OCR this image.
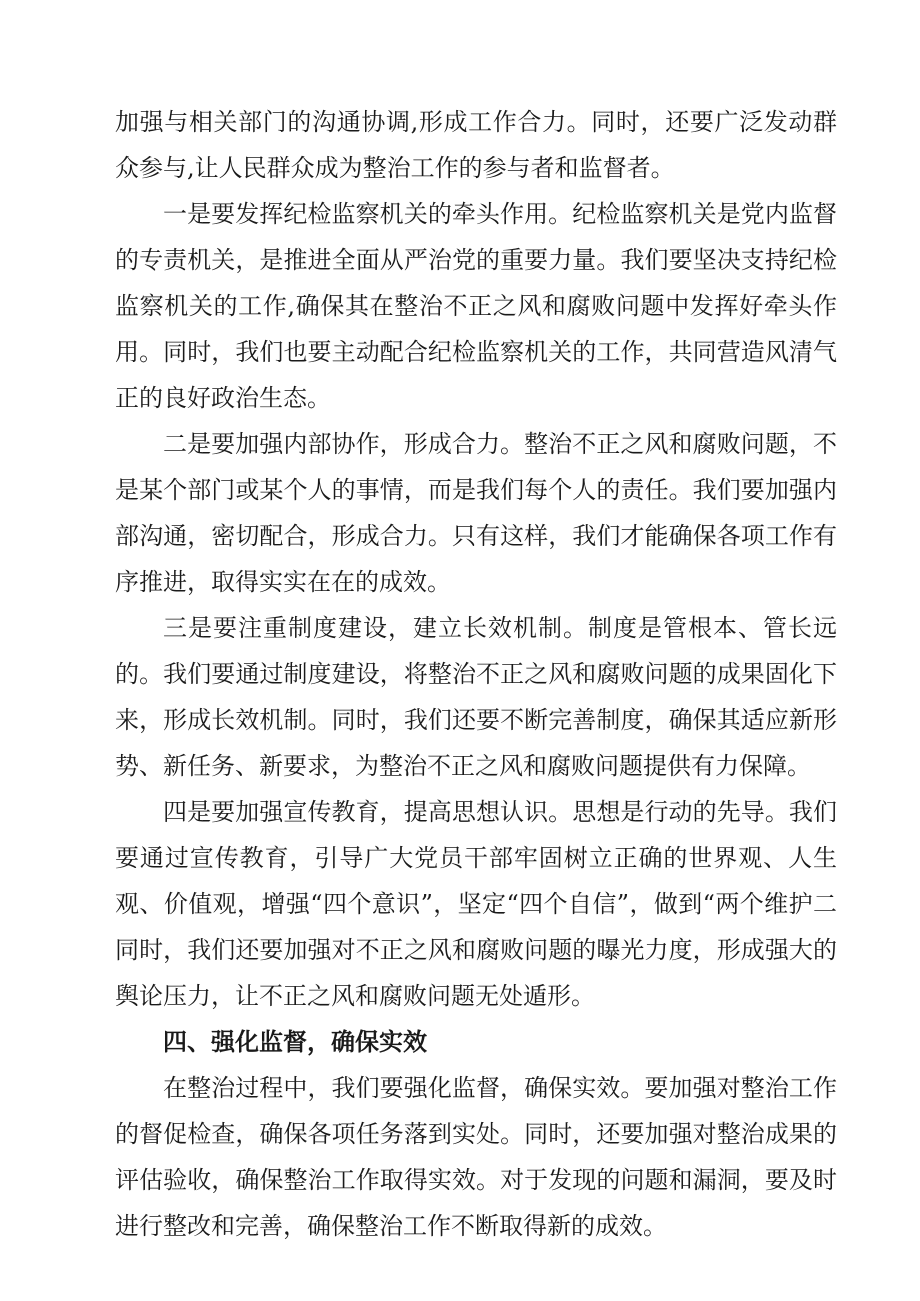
加强与相关部门的沟通协调,形成工作合力。同时，还要广泛发动群众参与,让人民群众成为整治工作的参与者和监督者。

一是要发挥纪检监察机关的牵头作用。纪检监察机关是党内监督的专责机关，是推进全面从严治党的重要力量。我们要坚决支持纪检监察机关的工作,确保其在整治不正之风和腐败问题中发挥好牵头作用。同时，我们也要主动配合纪检监察机关的工作，共同营造风清气正的良好政治生态。

二是要加强内部协作，形成合力。整治不正之风和腐败问题，不是某个部门或某个人的事情，而是我们每个人的责任。我们要加强内部沟通，密切配合，形成合力。只有这样，我们才能确保各项工作有序推进，取得实实在在的成效。

三是要注重制度建设，建立长效机制。制度是管根本、管长远的。我们要通过制度建设，将整治不正之风和腐败问题的成果固化下来，形成长效机制。同时，我们还要不断完善制度，确保其适应新形势、新任务、新要求，为整治不正之风和腐败问题提供有力保障。

四是要加强宣传教育，提高思想认识。思想是行动的先导。我们要通过宣传教育，引导广大党员干部牢固树立正确的世界观、人生观、价值观，增强“四个意识”，坚定“四个自信”，做到“两个维护二同时，我们还要加强对不正之风和腐败问题的曝光力度，形成强大的舆论压力，让不正之风和腐败问题无处遁形。

四、强化监督，确保实效

在整治过程中，我们要强化监督，确保实效。要加强对整治工作的督促检查，确保各项任务落到实处。同时，还要加强对整治成果的评估验收，确保整治工作取得实效。对于发现的问题和漏洞，要及时进行整改和完善，确保整治工作不断取得新的成效。
